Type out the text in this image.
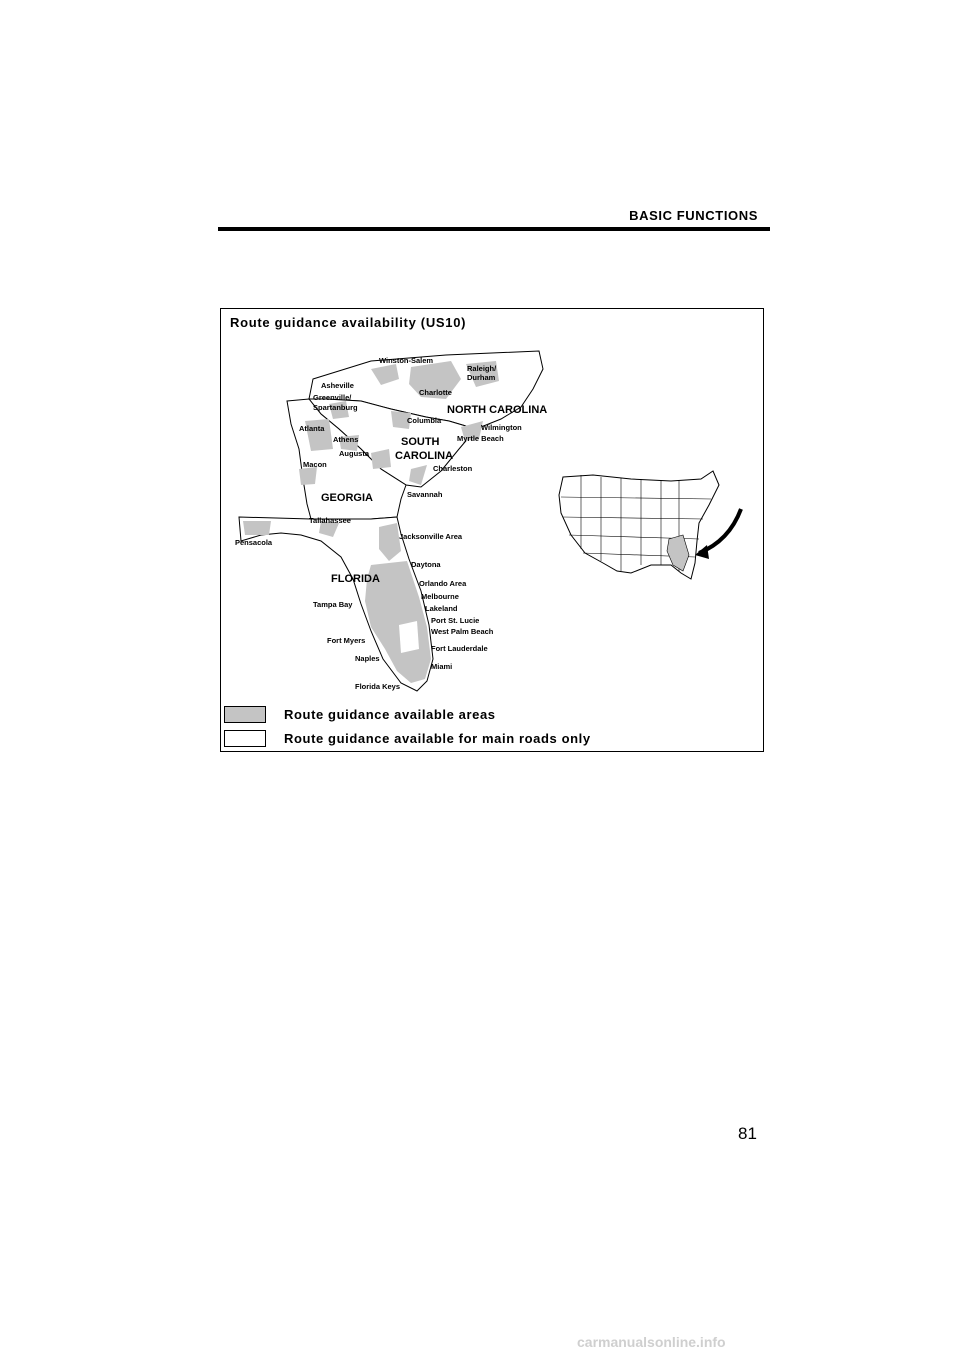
BASIC FUNCTIONS
Route guidance availability (US10)
NORTH CAROLINA
SOUTH
CAROLINA
GEORGIA
FLORIDA
Winston-Salem
Raleigh/
Durham
Asheville
Greenville/
Spartanburg
Charlotte
Columbia
Wilmington
Myrtle Beach
Atlanta
Athens
Augusta
Macon	Charleston
Savannah
Tallahassee
Pensacola
Jacksonville Area
Daytona
Orlando Area
Melbourne
Lakeland
Tampa Bay
Port St. Lucie
West Palm Beach
Fort Myers
Fort Lauderdale
Naples
Miami
Florida Keys
Route guidance available areas
Route guidance available for main roads only
81
carmanualsonline.info
